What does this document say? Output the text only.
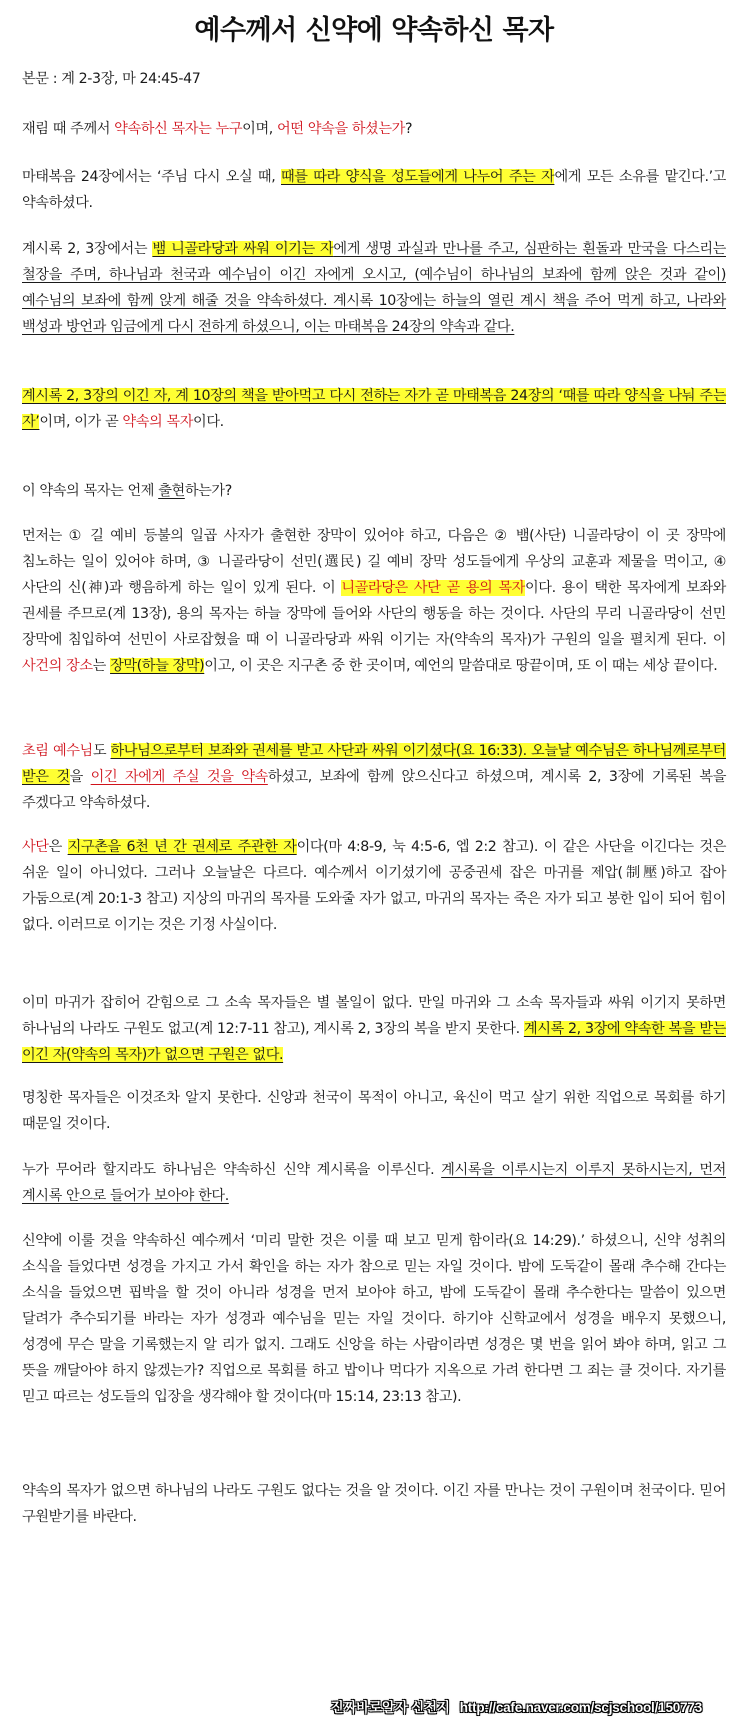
예수께서 신약에 약속하신 목자

본문 : 계 2-3장, 마 24:45-47

재림 때 주께서 약속하신 목자는 누구이며, 어떤 약속을 하셨는가?

마태복음 24장에서는 ‘주님 다시 오실 때, 때를 따라 양식을 성도들에게 나누어 주는 자에게 모든 소유를 맡긴다.’고 약속하셨다.

계시록 2, 3장에서는 뱀 니골라당과 싸워 이기는 자에게 생명 과실과 만나를 주고, 심판하는 흰돌과 만국을 다스리는 철장을 주며, 하나님과 천국과 예수님이 이긴 자에게 오시고, (예수님이 하나님의 보좌에 함께 앉은 것과 같이) 예수님의 보좌에 함께 앉게 해줄 것을 약속하셨다. 계시록 10장에는 하늘의 열린 계시 책을 주어 먹게 하고, 나라와 백성과 방언과 임금에게 다시 전하게 하셨으니, 이는 마태복음 24장의 약속과 같다.

계시록 2, 3장의 이긴 자, 계 10장의 책을 받아먹고 다시 전하는 자가 곧 마태복음 24장의 ‘때를 따라 양식을 나눠 주는 자’이며, 이가 곧 약속의 목자이다.

이 약속의 목자는 언제 출현하는가?

먼저는 ① 길 예비 등불의 일곱 사자가 출현한 장막이 있어야 하고, 다음은 ② 뱀(사단) 니골라당이 이 곳 장막에 침노하는 일이 있어야 하며, ③ 니골라당이 선민(選民) 길 예비 장막 성도들에게 우상의 교훈과 제물을 먹이고, ④ 사단의 신(神)과 행음하게 하는 일이 있게 된다. 이 니골라당은 사단 곧 용의 목자이다. 용이 택한 목자에게 보좌와 권세를 주므로(계 13장), 용의 목자는 하늘 장막에 들어와 사단의 행동을 하는 것이다. 사단의 무리 니골라당이 선민 장막에 침입하여 선민이 사로잡혔을 때 이 니골라당과 싸워 이기는 자(약속의 목자)가 구원의 일을 펼치게 된다. 이 사건의 장소는 장막(하늘 장막)이고, 이 곳은 지구촌 중 한 곳이며, 예언의 말씀대로 땅끝이며, 또 이 때는 세상 끝이다.

초림 예수님도 하나님으로부터 보좌와 권세를 받고 사단과 싸워 이기셨다(요 16:33). 오늘날 예수님은 하나님께로부터 받은 것을 이긴 자에게 주실 것을 약속하셨고, 보좌에 함께 앉으신다고 하셨으며, 계시록 2, 3장에 기록된 복을 주겠다고 약속하셨다.

사단은 지구촌을 6천 년 간 권세로 주관한 자이다(마 4:8-9, 눅 4:5-6, 엡 2:2 참고). 이 같은 사단을 이긴다는 것은 쉬운 일이 아니었다. 그러나 오늘날은 다르다. 예수께서 이기셨기에 공중권세 잡은 마귀를 제압(制壓)하고 잡아 가둠으로(계 20:1-3 참고) 지상의 마귀의 목자를 도와줄 자가 없고, 마귀의 목자는 죽은 자가 되고 봉한 입이 되어 힘이 없다. 이러므로 이기는 것은 기정 사실이다.

이미 마귀가 잡히어 갇힘으로 그 소속 목자들은 별 볼일이 없다. 만일 마귀와 그 소속 목자들과 싸워 이기지 못하면 하나님의 나라도 구원도 없고(계 12:7-11 참고), 계시록 2, 3장의 복을 받지 못한다. 계시록 2, 3장에 약속한 복을 받는 이긴 자(약속의 목자)가 없으면 구원은 없다.

명칭한 목자들은 이것조차 알지 못한다. 신앙과 천국이 목적이 아니고, 육신이 먹고 살기 위한 직업으로 목회를 하기 때문일 것이다.

누가 무어라 할지라도 하나님은 약속하신 신약 계시록을 이루신다. 계시록을 이루시는지 이루지 못하시는지, 먼저 계시록 안으로 들어가 보아야 한다.

신약에 이룰 것을 약속하신 예수께서 ‘미리 말한 것은 이룰 때 보고 믿게 함이라(요 14:29).’ 하셨으니, 신약 성취의 소식을 들었다면 성경을 가지고 가서 확인을 하는 자가 참으로 믿는 자일 것이다. 밤에 도둑같이 몰래 추수해 간다는 소식을 들었으면 핍박을 할 것이 아니라 성경을 먼저 보아야 하고, 밤에 도둑같이 몰래 추수한다는 말씀이 있으면 달려가 추수되기를 바라는 자가 성경과 예수님을 믿는 자일 것이다. 하기야 신학교에서 성경을 배우지 못했으니, 성경에 무슨 말을 기록했는지 알 리가 없지. 그래도 신앙을 하는 사람이라면 성경은 몇 번을 읽어 봐야 하며, 읽고 그 뜻을 깨달아야 하지 않겠는가? 직업으로 목회를 하고 밥이나 먹다가 지옥으로 가려 한다면 그 죄는 클 것이다. 자기를 믿고 따르는 성도들의 입장을 생각해야 할 것이다(마 15:14, 23:13 참고).

약속의 목자가 없으면 하나님의 나라도 구원도 없다는 것을 알 것이다. 이긴 자를 만나는 것이 구원이며 천국이다. 믿어 구원받기를 바란다.

진짜바로알자 신천지 http://cafe.naver.com/scjschool/150773
